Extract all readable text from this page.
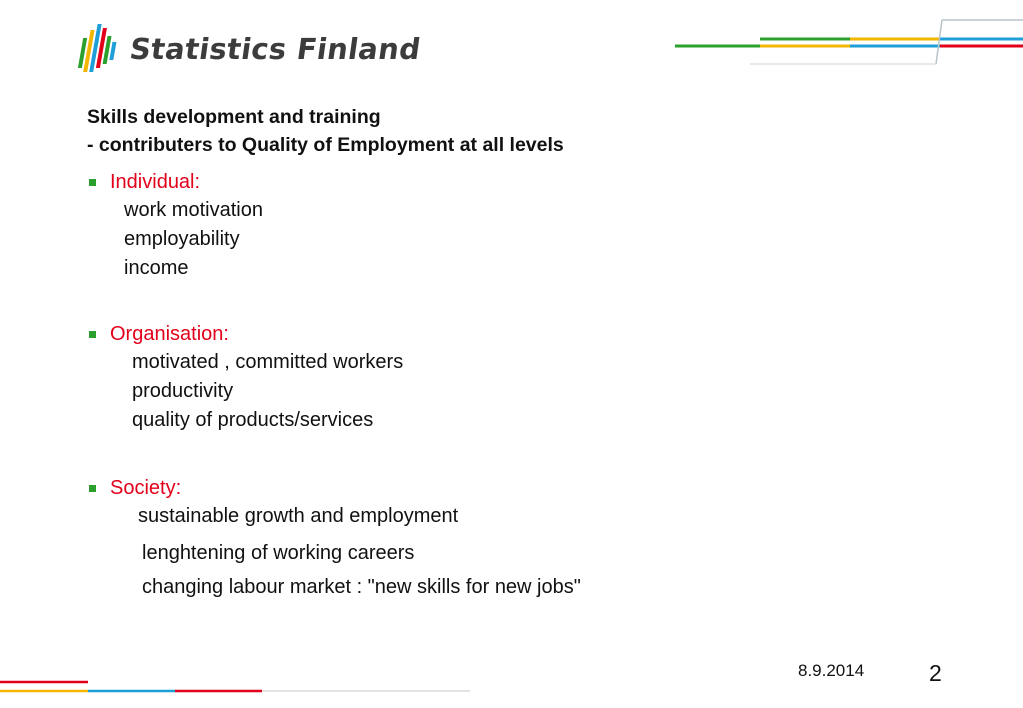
Statistics Finland
Skills development and training
- contributers to Quality of Employment at all levels
Individual:
work motivation
employability
income
Organisation:
motivated , committed workers
productivity
quality of products/services
Society:
sustainable growth and employment
lenghtening of working careers
changing labour market : "new skills for new jobs"
8.9.2014	2
